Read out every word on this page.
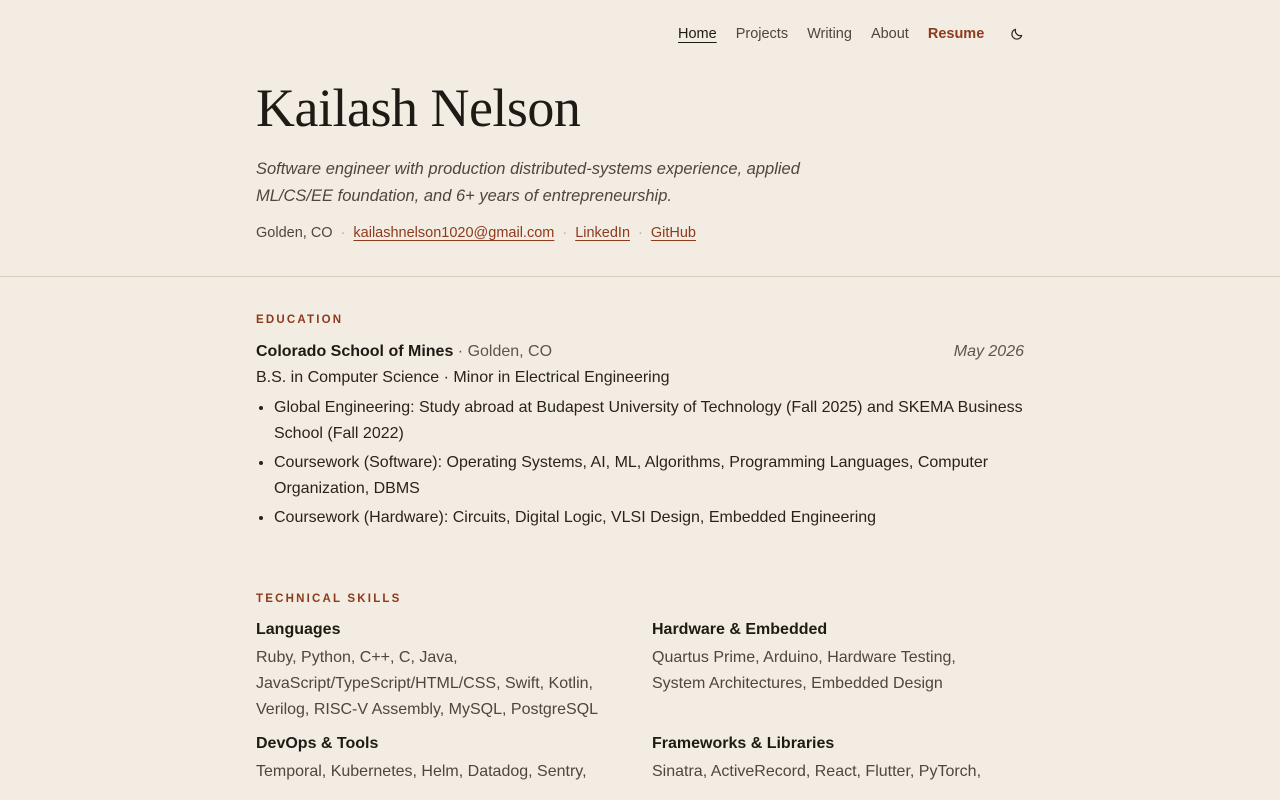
Home Projects Writing About Resume
Kailash Nelson

Software engineer with production distributed-systems experience, applied ML/CS/EE foundation, and 6+ years of entrepreneurship.

Golden, CO · kailashnelson1020@gmail.com · LinkedIn · GitHub
EDUCATION
Colorado School of Mines · Golden, CO	May 2026
B.S. in Computer Science · Minor in Electrical Engineering
• Global Engineering: Study abroad at Budapest University of Technology (Fall 2025) and SKEMA Business School (Fall 2022)
• Coursework (Software): Operating Systems, AI, ML, Algorithms, Programming Languages, Computer Organization, DBMS
• Coursework (Hardware): Circuits, Digital Logic, VLSI Design, Embedded Engineering
TECHNICAL SKILLS
Languages

Ruby, Python, C++, C, Java, JavaScript/TypeScript/HTML/CSS, Swift, Kotlin, Verilog, RISC-V Assembly, MySQL, PostgreSQL

Hardware & Embedded

Quartus Prime, Arduino, Hardware Testing, System Architectures, Embedded Design

DevOps & Tools

Temporal, Kubernetes, Helm, Datadog, Sentry,

Frameworks & Libraries

Sinatra, ActiveRecord, React, Flutter, PyTorch,
